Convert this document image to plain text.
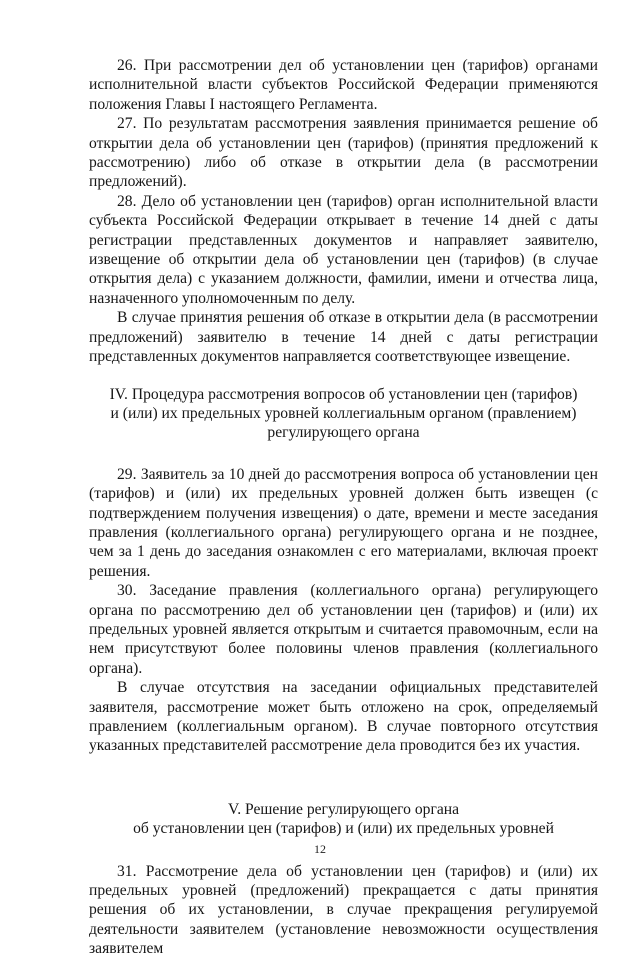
26. При рассмотрении дел об установлении цен (тарифов) органами исполнительной власти субъектов Российской Федерации применяются положения Главы I настоящего Регламента.

27. По результатам рассмотрения заявления принимается решение об открытии дела об установлении цен (тарифов) (принятия предложений к рассмотрению) либо об отказе в открытии дела (в рассмотрении предложений).

28. Дело об установлении цен (тарифов) орган исполнительной власти субъекта Российской Федерации открывает в течение 14 дней с даты регистрации представленных документов и направляет заявителю, извещение об открытии дела об установлении цен (тарифов) (в случае открытия дела) с указанием должности, фамилии, имени и отчества лица, назначенного уполномоченным по делу.

В случае принятия решения об отказе в открытии дела (в рассмотрении предложений) заявителю в течение 14 дней с даты регистрации представленных документов направляется соответствующее извещение.

IV. Процедура рассмотрения вопросов об установлении цен (тарифов)
и (или) их предельных уровней коллегиальным органом (правлением)
регулирующего органа

29. Заявитель за 10 дней до рассмотрения вопроса об установлении цен (тарифов) и (или) их предельных уровней должен быть извещен (с подтверждением получения извещения) о дате, времени и месте заседания правления (коллегиального органа) регулирующего органа и не позднее, чем за 1 день до заседания ознакомлен с его материалами, включая проект решения.

30. Заседание правления (коллегиального органа) регулирующего органа по рассмотрению дел об установлении цен (тарифов) и (или) их предельных уровней является открытым и считается правомочным, если на нем присутствуют более половины членов правления (коллегиального органа).

В случае отсутствия на заседании официальных представителей заявителя, рассмотрение может быть отложено на срок, определяемый правлением (коллегиальным органом). В случае повторного отсутствия указанных представителей рассмотрение дела проводится без их участия.

V. Решение регулирующего органа
об установлении цен (тарифов) и (или) их предельных уровней

31. Рассмотрение дела об установлении цен (тарифов) и (или) их предельных уровней (предложений) прекращается с даты принятия решения об их установлении, в случае прекращения регулируемой деятельности заявителем (установление невозможности осуществления заявителем

12
